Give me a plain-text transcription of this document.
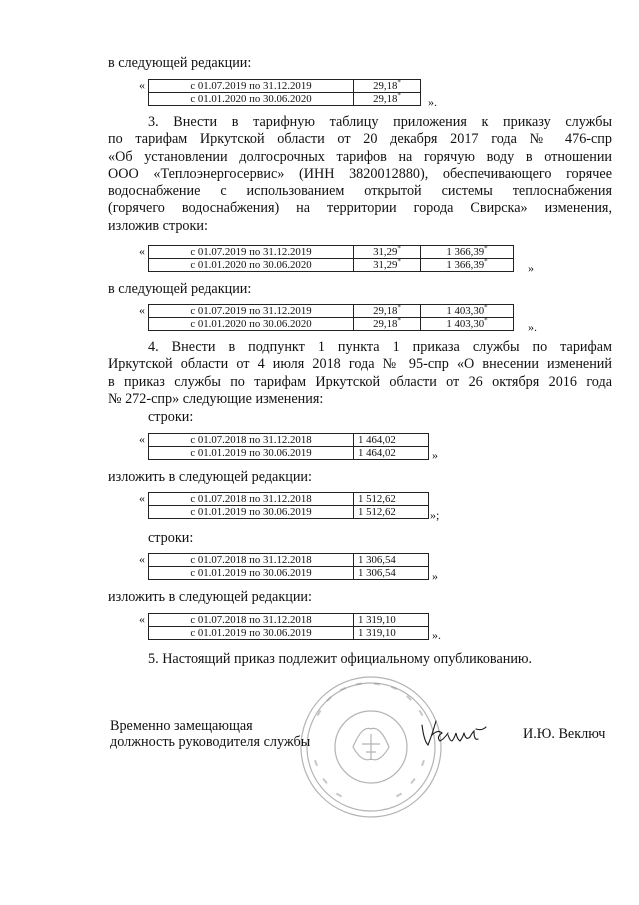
в следующей редакции:
«	с 01.07.2019 по 31.12.2019	29,18*
с 01.01.2020 по 30.06.2020	29,18* ».
3. Внести в тарифную таблицу приложения к приказу службы
по тарифам Иркутской области от 20 декабря 2017 года № 476-спр
«Об установлении долгосрочных тарифов на горячую воду в отношении
ООО «Теплоэнергосервис» (ИНН 3820012880), обеспечивающего горячее
водоснабжение с использованием открытой системы теплоснабжения
(горячего водоснабжения) на территории города Свирска» изменения,
изложив строки:
«	с 01.07.2019 по 31.12.2019	31,29*	1 366,39*
с 01.01.2020 по 30.06.2020	31,29*	1 366,39*	»
в следующей редакции:
«	с 01.07.2019 по 31.12.2019	29,18*	1 403,30*
с 01.01.2020 по 30.06.2020	29,18*	1 403,30*	».
4. Внести в подпункт 1 пункта 1 приказа службы по тарифам
Иркутской области от 4 июля 2018 года № 95-спр «О внесении изменений
в приказ службы по тарифам Иркутской области от 26 октября 2016 года
№ 272-спр» следующие изменения:
строки:
«	с 01.07.2018 по 31.12.2018	1 464,02
с 01.01.2019 по 30.06.2019	1 464,02	»
изложить в следующей редакции:
«	с 01.07.2018 по 31.12.2018	1 512,62
с 01.01.2019 по 30.06.2019	1 512,62	»;
строки:
«	с 01.07.2018 по 31.12.2018	1 306,54
с 01.01.2019 по 30.06.2019	1 306,54	»
изложить в следующей редакции:
«	с 01.07.2018 по 31.12.2018	1 319,10
с 01.01.2019 по 30.06.2019	1 319,10	».
5. Настоящий приказ подлежит официальному опубликованию.
Временно замещающая
должность руководителя службы	И.Ю. Веключ
